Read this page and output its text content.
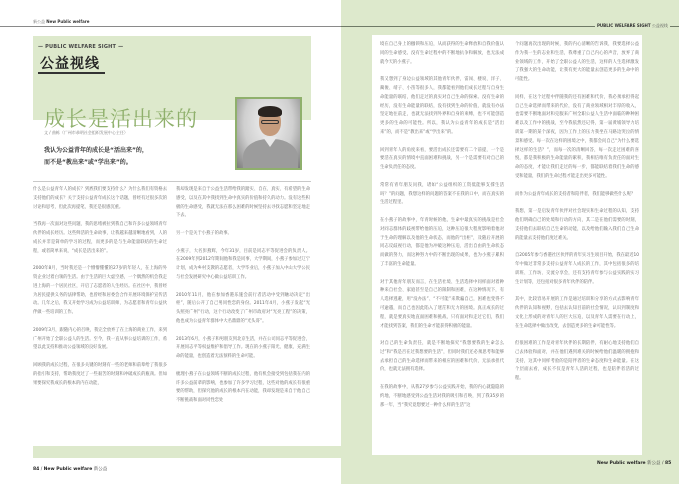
新公益 New Public welfare
— PUBLIC WELFARE SIGHT —
公益视线
成长是活出来的
文 / 曲栋（广州市恭明社会组织发展中心主任）
我认为公益青年的成长是“活出来”的，
而不是“教出来”或“学出来”的。

什么是公益青年人的成长？到底我们要支持什么？为什么我们有资格去支持他们的成长？关于支持公益青年成长这个话题，曾经有过很多次的讨论和思考，但此次再提笔，我还是很感沉重。

当我再一次面对这些问题，我的思绪被拉到我自己和许多公益领域青年伙伴的成长经历。这些鲜活的生命故事，让我越来越清晰地看到，人的成长并非是简单的学习的过程，而更多的是与生命能量联结的生命过程，或者简单来说，“成长是活出来的”。

2000年8月，当时我还是一个懵懵懂懂的27岁的年轻人，在上海的外资企业过着白领的生活。由于生活的巨大虚空感，一个偶然的机会我走进上海的一个居民社区，开启了志愿者的人生经历。在社区中，我曾经为居民提供义务的法律帮助，也曾经和居委会合作开展环境保护宣传活动。几年之后，我又开始学习成为公益培训师，为志愿者和青年公益伙伴做一些培训的工作。

2009年3月，跟随内心的召唤，我完全放弃了在上海的商业工作，来到广州开始了全职公益人的生活。至今，我一直从事公益培训的工作，希望以此支持和推动公益领域的良好发展。

回顾我的成长过程，在很多关键的时刻有一些的老师和前辈给了我很多的指引和支持，帮助我度过了一些艰苦的时刻和冲破成长的瓶颈。但如果要探究我成长的根本的内在动能，

我却发现是来自于公益生活带给我的踏实、自在、真实、有希望的生命感受，以及在其中我找到生命中真实的价值和持久的动力。没有这些积极的生命感受，我就无法在那么困难的时候坚持去寻找志愿和坚定地走下去。

另一个是关于小燕子的故事。

小燕子，大名彭燕辉，今年31岁，目前是同志平等促进会的负责人。在2009年到2012年期间他和我是同事，大学期间，小燕子参加过辽宁计划，成为乡村支教的志愿者，大学毕业后，小燕子加入中山大学公民与社会发展研究中心做公益培训工作。

2010年11月，他在参加香港乐施会前行者活动中受到触动决定“出柜”，随后公开了自己男同性恋的身份。2011年4月，小燕子发起“光头照亮广州”行动，这个行动改变了广州市政府对“光亮工程”的决策，他也成为公益青年群体中大名鼎鼎的“光头哥”。

2013年6月，小燕子和男朋友到北京生活，并在公司同志平等促进会，开展同志平等权益维护和倡导工作。现在的小燕子阳光、健康、充满生命的能量，也创造着无法预料的生命可能。

梳理小燕子在公益领域不断的成长过程，他有机会接受到包括我在内的许多公益前辈的影响，也参加了许多学习过程，这些对他的成长有很重要的帮助，但探究他的成长的根本内在动能，我却发现是来自于他自己不断挑战和面对同性恋处

84 / New Public welfare 新公益
PUBLIC WELFARE SIGHT 公益视线

境在自己身上的枷锁和压迫，从而获得的生命释放和自我价值认同的生命感受。没有生命过程中的不断地抗争和解放，也无法成就今天的小燕子。

我又想到了身边公益领域的其他青年伙伴，雷闯、楼说、洋子、蔺俊、靖子、小笛等很多人，我都能看到他们成长过程与自身生命能量的联结，他们走过的真实对自己生命的探索。没有生命的经历，没有生命能量的联结，没有找到生命的价值，就没有办法坚定地往前走，也就无法找到外界和自身的束缚，也不可能创造更多的生命的可能性。所以，我认为公益青年的成长是“活出来”的，而不是“教出来”或“学出来”的。

回到青年人的角度来看，要活出成长还需要有二个前提，一个是要活在真实的情境中直面困难和挑战，另一个是需要有对自己的生命负责任的态度。

常常有青年朋友问我，诸如“公益组织的工资低能够支撑生活吗？”的问题，我想这样的问题的答案不在我的口中，而在真实的生活过程里。

在小燕子的故事中，年青时候的他，生命中最真实的挑战是社会对同志群体的歧视带给他的压迫，这种压迫很大程度影响着他对于生命的理解以及他的生命状态，而他的“出柜”，及随后开展的同志反歧视行动，都是他为冲破这种压迫、活出自由的生命状态而做的努力，而这种努力中的不断出现的成果，也为小燕子累积了丰富的生命能量。

对于其他青年朋友而言，在生活社境、生活选择中同样面对着种种来自社会、家庭甚至是自己的限制和困难，在这种情况下，有人选择逃避，用“没办法”、“不可能”来欺骗自己，困难也变得不可逾越，而自己也因此陷入了迷茫和无力的困境。真正成长的过程，就是要真实地直面困难和挑战，只有面对和走过它们，我们才能找到答案，我们的生命才能获得积极的能量。

对自己的生命负责任，就是不断地探究“我想要我的生命怎么过”和“我是否在过我想要的生活”，但同时我们还必须思考和能够去承担自己的生命选择而带来的相应的困难和代价，无法承担代价，也就无法拥有选择。

在我的故事中，从我27岁参与公益实践开始，我的内心就隐隐的约地，不断地感受到公益生活对我的吸引和召唤，到了我35岁的那一年，当“我究竟想要过一种什么样的生活”这

个问题再次出现的时候，我的内心清晰的告诉我，我要选择公益作为我一生的志业和生活，我尊重了自己内心的声音，放弃了商业领域的工作，开始了全职公益人的生活，这样的人生选择激发了我强大的生命动能，让我有更大的能量去创造更多的生命中的可能性。

同样，在这个过程中伴随我的还有困难和代价，我必须承担得起自己生命选择而带来的代价，没有了商业领域相对丰厚的收入，也需要不断地面对和克服来广州全职公益人生活中面临的种种困难以及工作中的挑战，至今我依然还记得，第一届黄埔领导力培训第一期的某个深夜，因为工作上的压力我坐在马路边哭泣的情景和感受。每一次在这样的困境之中，我都会问自己“为什么要选择这样的生活？”，而每一次的清晰回答，每一次走过困难的喜悦，都是我积极的生命能量的累积，我相信唯有负责任的面对生命的态度，才能让我们走过的每一步，都能联结着我们生命的感受和能量，我们的生命过程才能走出更多可能性。

而作为公益青年成长的支持者和陪伴者，我们能够做些什么呢？

我想，第一是启发青年伙伴对社会现实和生命过程的认知，支持他们明确自己的处境和行动的方向，其二是在他们需要的时刻，支持他们去联结自己生命的动能，以及给他们输入我们自己生命的能量去支持他们度过难关。

自2005年参与香港社区伙伴的青年实习生项目开始，我在最近10年中做过非常多支持公益青年人成长的工作，其中包括很多的培训班、工作坊、交流分享会，还有支持青年参与公益实践的实习生计划等，还包括对很多青年伙伴的陪伴。

其中，比较容易开展的工作是通过培训和分享的方式去影响青年伙伴的认知和视野，包括去认知目前的社会情况，认识到制度和文化上形成的对青年人的巨大压迫，以及青年人需要在行动上，在生命选择中做出改变，去创造更多的生命可能性等。

但很困难的工作是对青年伙伴的长期陪伴，有耐心地支持他们自己去体验和面对，并在他们遇到难关的时候给他们温暖的拥抱和支持，这其中同样考验的是陪伴者的生命态度和生命能量。在这个层面去看，成长不仅是青年人活的过程，也是陪伴者活的过程。

New Public welfare 新公益 / 85
